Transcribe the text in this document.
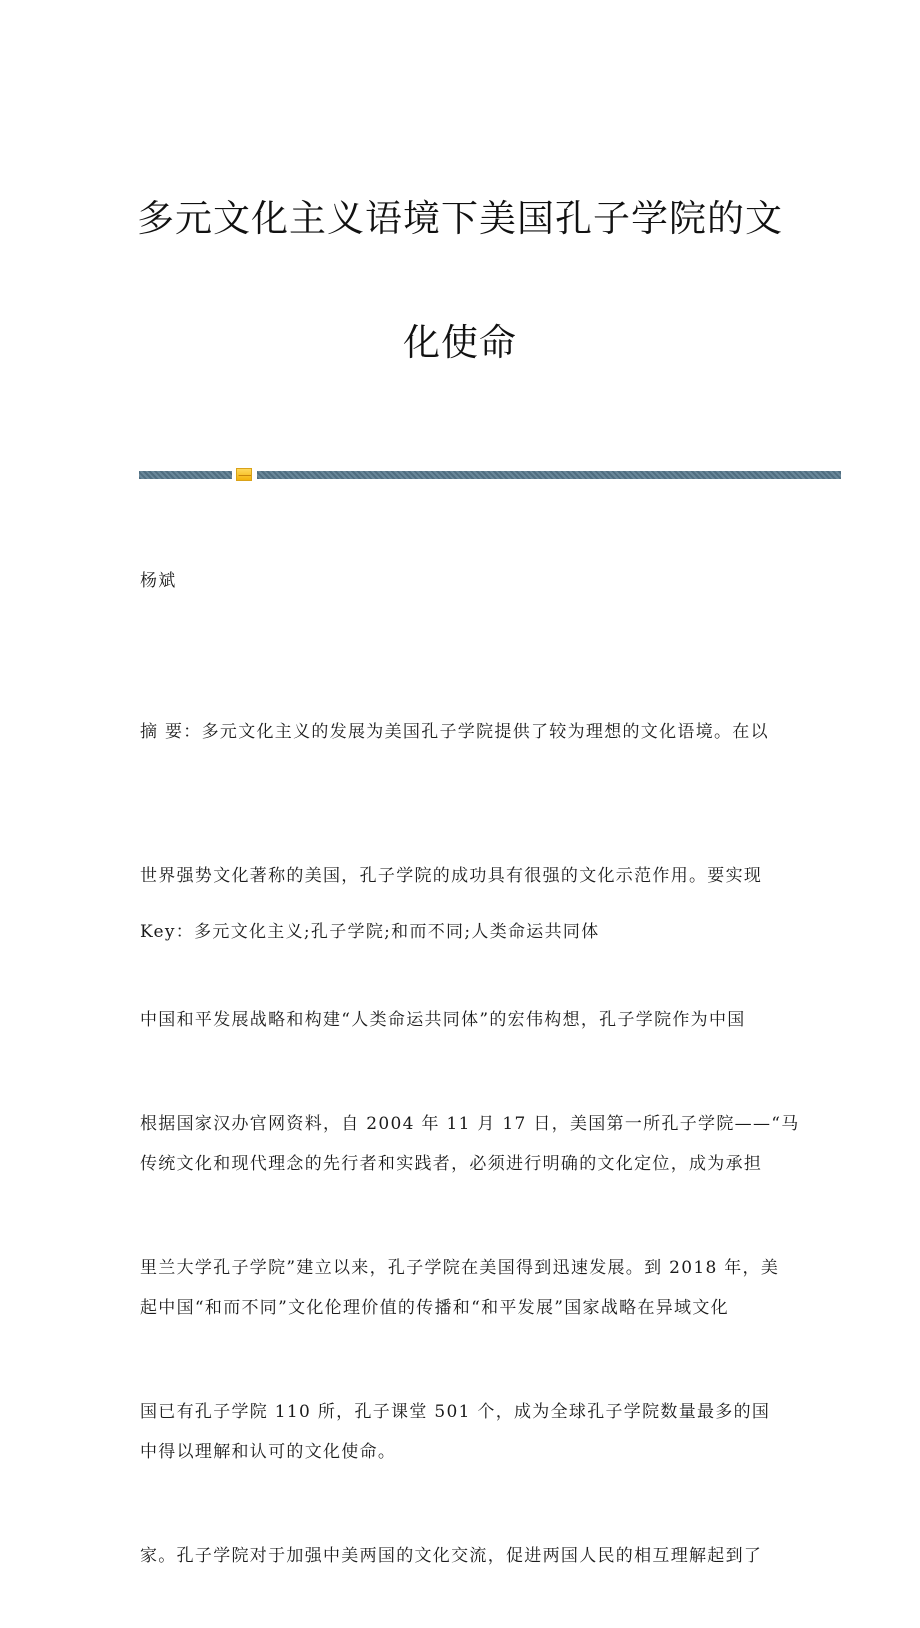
多元文化主义语境下美国孔子学院的文
化使命
杨斌

摘 要：多元文化主义的发展为美国孔子学院提供了较为理想的文化语境。在以

世界强势文化著称的美国，孔子学院的成功具有很强的文化示范作用。要实现

中国和平发展战略和构建“人类命运共同体”的宏伟构想，孔子学院作为中国

传统文化和现代理念的先行者和实践者，必须进行明确的文化定位，成为承担

起中国“和而不同”文化伦理价值的传播和“和平发展”国家战略在异域文化

中得以理解和认可的文化使命。

Key：多元文化主义;孔子学院;和而不同;人类命运共同体

根据国家汉办官网资料，自 2004 年 11 月 17 日，美国第一所孔子学院——“马

里兰大学孔子学院”建立以来，孔子学院在美国得到迅速发展。到 2018 年，美

国已有孔子学院 110 所，孔子课堂 501 个，成为全球孔子学院数量最多的国

家。孔子学院对于加强中美两国的文化交流，促进两国人民的相互理解起到了
